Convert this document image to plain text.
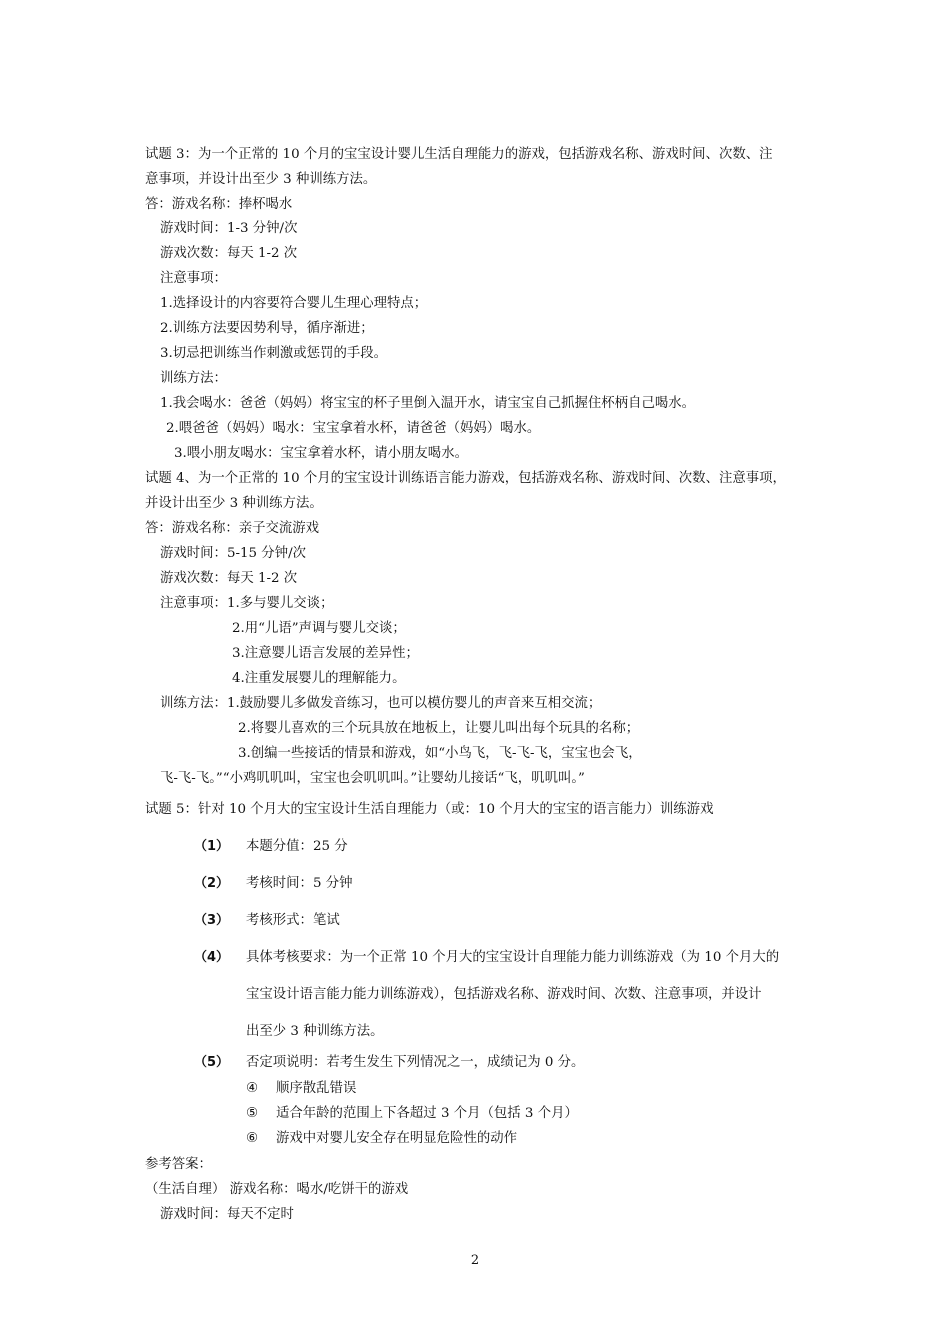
试题 3：为一个正常的 10 个月的宝宝设计婴儿生活自理能力的游戏，包括游戏名称、游戏时间、次数、注
意事项，并设计出至少 3 种训练方法。
答：游戏名称：捧杯喝水
游戏时间：1-3 分钟/次
游戏次数：每天 1-2 次
注意事项：
1.选择设计的内容要符合婴儿生理心理特点；
2.训练方法要因势利导，循序渐进；
3.切忌把训练当作刺激或惩罚的手段。
训练方法：
1.我会喝水：爸爸（妈妈）将宝宝的杯子里倒入温开水，请宝宝自己抓握住杯柄自己喝水。
2.喂爸爸（妈妈）喝水：宝宝拿着水杯，请爸爸（妈妈）喝水。
3.喂小朋友喝水：宝宝拿着水杯，请小朋友喝水。
试题 4、为一个正常的 10 个月的宝宝设计训练语言能力游戏，包括游戏名称、游戏时间、次数、注意事项，
并设计出至少 3 种训练方法。
答：游戏名称：亲子交流游戏
游戏时间：5-15 分钟/次
游戏次数：每天 1-2 次
注意事项：1.多与婴儿交谈；
2.用“儿语”声调与婴儿交谈；
3.注意婴儿语言发展的差异性；
4.注重发展婴儿的理解能力。
训练方法：1.鼓励婴儿多做发音练习，也可以模仿婴儿的声音来互相交流；
2.将婴儿喜欢的三个玩具放在地板上，让婴儿叫出每个玩具的名称；
3.创编一些接话的情景和游戏，如“小鸟飞，飞-飞-飞，宝宝也会飞，
飞-飞-飞。”“小鸡叽叽叫，宝宝也会叽叽叫。”让婴幼儿接话“飞，叽叽叫。”
试题 5：针对 10 个月大的宝宝设计生活自理能力（或：10 个月大的宝宝的语言能力）训练游戏
（1） 本题分值：25 分
（2） 考核时间：5 分钟
（3） 考核形式：笔试
（4） 具体考核要求：为一个正常 10 个月大的宝宝设计自理能力能力训练游戏（为 10 个月大的
宝宝设计语言能力能力训练游戏），包括游戏名称、游戏时间、次数、注意事项，并设计
出至少 3 种训练方法。
（5） 否定项说明：若考生发生下列情况之一，成绩记为 0 分。
④ 顺序散乱错误
⑤ 适合年龄的范围上下各超过 3 个月（包括 3 个月）
⑥ 游戏中对婴儿安全存在明显危险性的动作
参考答案：
（生活自理） 游戏名称：喝水/吃饼干的游戏
游戏时间：每天不定时
2
